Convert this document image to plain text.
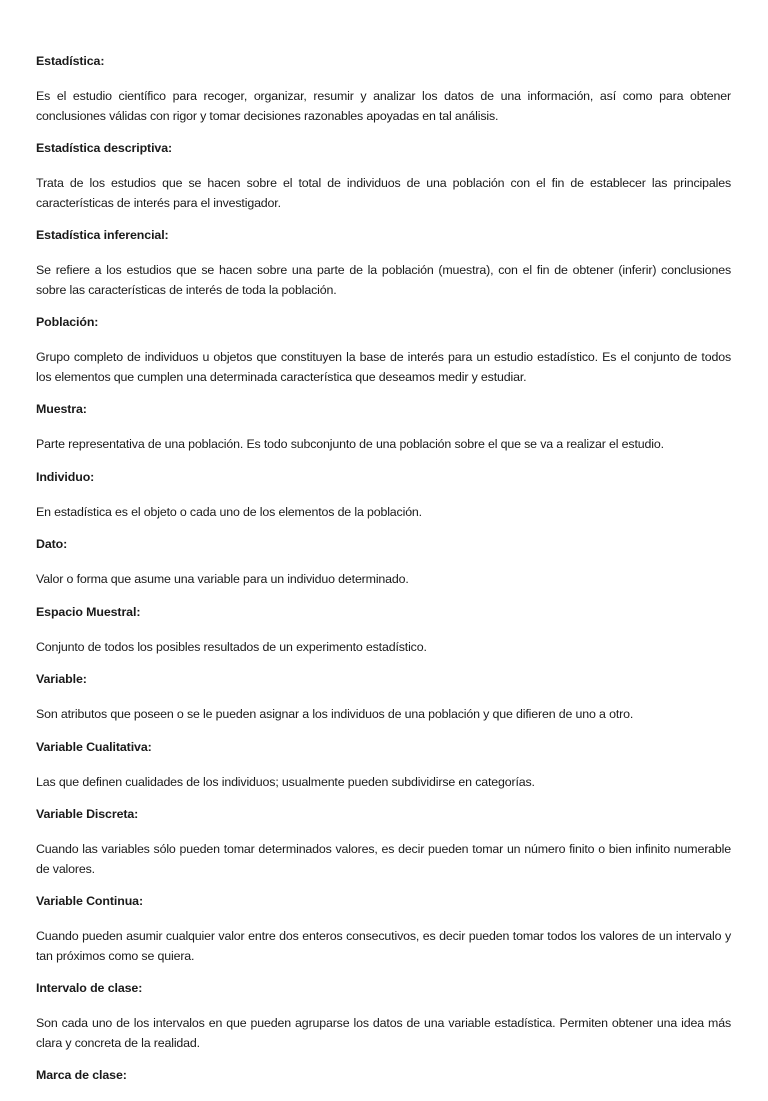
Estadística:

Es el estudio científico para recoger, organizar, resumir y analizar los datos de una información, así como para obtener conclusiones válidas con rigor y tomar decisiones razonables apoyadas en tal análisis.

Estadística descriptiva:

Trata de los estudios que se hacen sobre el total de individuos de una población con el fin de establecer las principales características de interés para el investigador.

Estadística inferencial:

Se refiere a los estudios que se hacen sobre una parte de la población (muestra), con el fin de obtener (inferir) conclusiones sobre las características de interés de toda la población.

Población:

Grupo completo de individuos u objetos que constituyen la base de interés para un estudio estadístico. Es el conjunto de todos los elementos que cumplen una determinada característica que deseamos medir y estudiar.

Muestra:

Parte representativa de una población. Es todo subconjunto de una población sobre el que se va a realizar el estudio.

Individuo:

En estadística es el objeto o cada uno de los elementos de la población.

Dato:

Valor o forma que asume una variable para un individuo determinado.

Espacio Muestral:

Conjunto de todos los posibles resultados de un experimento estadístico.

Variable:

Son atributos que poseen o se le pueden asignar a los individuos de una población y que difieren de uno a otro.

Variable Cualitativa:

Las que definen cualidades de los individuos; usualmente pueden subdividirse en categorías.

Variable Discreta:

Cuando las variables sólo pueden tomar determinados valores, es decir pueden tomar un número finito o bien infinito numerable de valores.

Variable Continua:

Cuando pueden asumir cualquier valor entre dos enteros consecutivos, es decir pueden tomar todos los valores de un intervalo y tan próximos como se quiera.

Intervalo de clase:

Son cada uno de los intervalos en que pueden agruparse los datos de una variable estadística. Permiten obtener una idea más clara y concreta de la realidad.

Marca de clase:
